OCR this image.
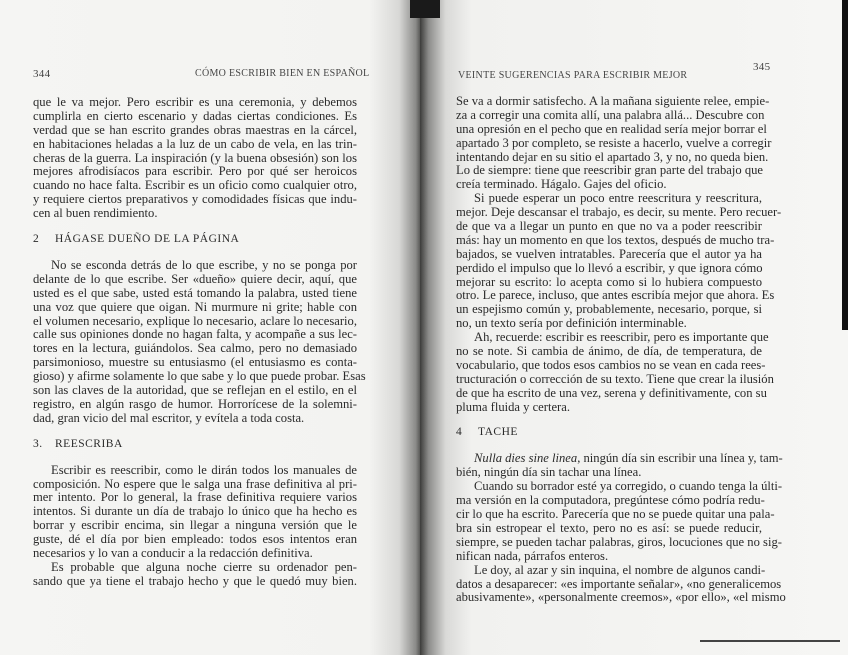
344	CÓMO ESCRIBIR BIEN EN ESPAÑOL
que le va mejor. Pero escribir es una ceremonia, y debemos
cumplirla en cierto escenario y dadas ciertas condiciones. Es
verdad que se han escrito grandes obras maestras en la cárcel,
en habitaciones heladas a la luz de un cabo de vela, en las trin-
cheras de la guerra. La inspiración (y la buena obsesión) son los
mejores afrodisíacos para escribir. Pero por qué ser heroicos
cuando no hace falta. Escribir es un oficio como cualquier otro,
y requiere ciertos preparativos y comodidades físicas que indu-
cen al buen rendimiento.
2 HÁGASE DUEÑO DE LA PÁGINA
No se esconda detrás de lo que escribe, y no se ponga por
delante de lo que escribe. Ser «dueño» quiere decir, aquí, que
usted es el que sabe, usted está tomando la palabra, usted tiene
una voz que quiere que oigan. Ni murmure ni grite; hable con
el volumen necesario, explique lo necesario, aclare lo necesario,
calle sus opiniones donde no hagan falta, y acompañe a sus lec-
tores en la lectura, guiándolos. Sea calmo, pero no demasiado
parsimonioso, muestre su entusiasmo (el entusiasmo es conta-
gioso) y afirme solamente lo que sabe y lo que puede probar. Esas
son las claves de la autoridad, que se reflejan en el estilo, en el
registro, en algún rasgo de humor. Horrorícese de la solemni-
dad, gran vicio del mal escritor, y evítela a toda costa.
3. REESCRIBA
Escribir es reescribir, como le dirán todos los manuales de
composición. No espere que le salga una frase definitiva al pri-
mer intento. Por lo general, la frase definitiva requiere varios
intentos. Si durante un día de trabajo lo único que ha hecho es
borrar y escribir encima, sin llegar a ninguna versión que le
guste, dé el día por bien empleado: todos esos intentos eran
necesarios y lo van a conducir a la redacción definitiva.
Es probable que alguna noche cierre su ordenador pen-
sando que ya tiene el trabajo hecho y que le quedó muy bien.
VEINTE SUGERENCIAS PARA ESCRIBIR MEJOR
345
Se va a dormir satisfecho. A la mañana siguiente relee, empie-
za a corregir una comita allí, una palabra allá... Descubre con
una opresión en el pecho que en realidad sería mejor borrar el
apartado 3 por completo, se resiste a hacerlo, vuelve a corregir
intentando dejar en su sitio el apartado 3, y no, no queda bien.
Lo de siempre: tiene que reescribir gran parte del trabajo que
creía terminado. Hágalo. Gajes del oficio.
Si puede esperar un poco entre reescritura y reescritura,
mejor. Deje descansar el trabajo, es decir, su mente. Pero recuer-
de que va a llegar un punto en que no va a poder reescribir
más: hay un momento en que los textos, después de mucho tra-
bajados, se vuelven intratables. Parecería que el autor ya ha
perdido el impulso que lo llevó a escribir, y que ignora cómo
mejorar su escrito: lo acepta como si lo hubiera compuesto
otro. Le parece, incluso, que antes escribía mejor que ahora. Es
un espejismo común y, probablemente, necesario, porque, si
no, un texto sería por definición interminable.
Ah, recuerde: escribir es reescribir, pero es importante que
no se note. Si cambia de ánimo, de día, de temperatura, de
vocabulario, que todos esos cambios no se vean en cada rees-
tructuración o corrección de su texto. Tiene que crear la ilusión
de que ha escrito de una vez, serena y definitivamente, con su
pluma fluida y certera.
4 TACHE
Nulla dies sine linea, ningún día sin escribir una línea y, tam-
bién, ningún día sin tachar una línea.
Cuando su borrador esté ya corregido, o cuando tenga la últi-
ma versión en la computadora, pregúntese cómo podría redu-
cir lo que ha escrito. Parecería que no se puede quitar una pala-
bra sin estropear el texto, pero no es así: se puede reducir,
siempre, se pueden tachar palabras, giros, locuciones que no sig-
nifican nada, párrafos enteros.
Le doy, al azar y sin inquina, el nombre de algunos candi-
datos a desaparecer: «es importante señalar», «no generalicemos
abusivamente», «personalmente creemos», «por ello», «el mismo
